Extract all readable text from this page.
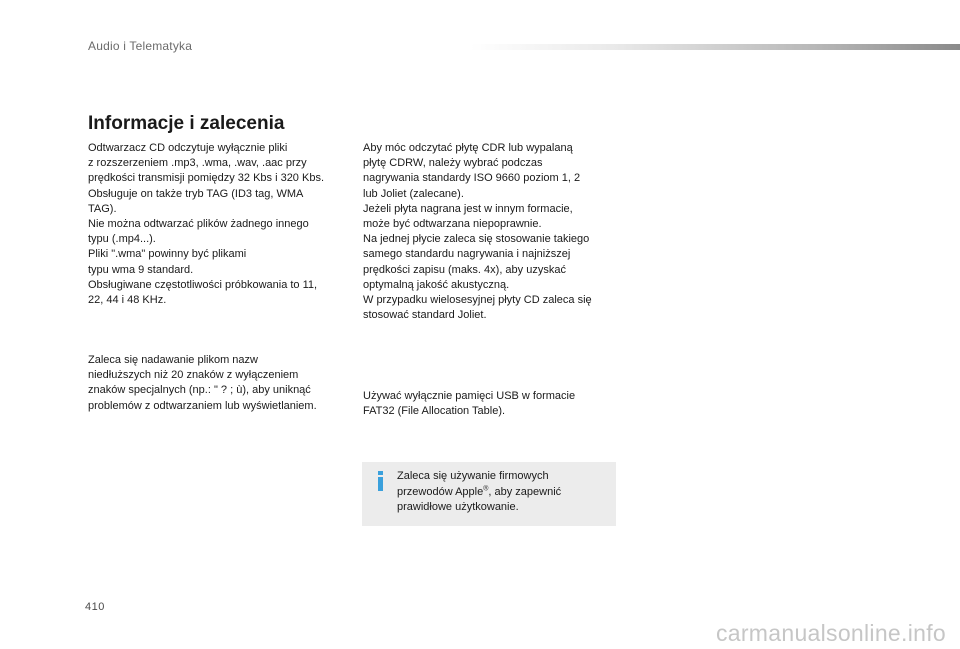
Audio i Telematyka
Informacje i zalecenia

Odtwarzacz CD odczytuje wyłącznie pliki
z rozszerzeniem .mp3, .wma, .wav, .aac przy
prędkości transmisji pomiędzy 32 Kbs i 320 Kbs.
Obsługuje on także tryb TAG (ID3 tag, WMA
TAG).
Nie można odtwarzać plików żadnego innego
typu (.mp4...).
Pliki ".wma" powinny być plikami
typu wma 9 standard.
Obsługiwane częstotliwości próbkowania to 11,
22, 44 i 48 KHz.

Zaleca się nadawanie plikom nazw
niedłuższych niż 20 znaków z wyłączeniem
znaków specjalnych (np.: " ? ; ù), aby uniknąć
problemów z odtwarzaniem lub wyświetlaniem.

Aby móc odczytać płytę CDR lub wypalaną
płytę CDRW, należy wybrać podczas
nagrywania standardy ISO 9660 poziom 1, 2
lub Joliet (zalecane).
Jeżeli płyta nagrana jest w innym formacie,
może być odtwarzana niepoprawnie.
Na jednej płycie zaleca się stosowanie takiego
samego standardu nagrywania i najniższej
prędkości zapisu (maks. 4x), aby uzyskać
optymalną jakość akustyczną.
W przypadku wielosesyjnej płyty CD zaleca się
stosować standard Joliet.

Używać wyłącznie pamięci USB w formacie
FAT32 (File Allocation Table).

Zaleca się używanie firmowych przewodów Apple®, aby zapewnić prawidłowe użytkowanie.

410
carmanualsonline.info
